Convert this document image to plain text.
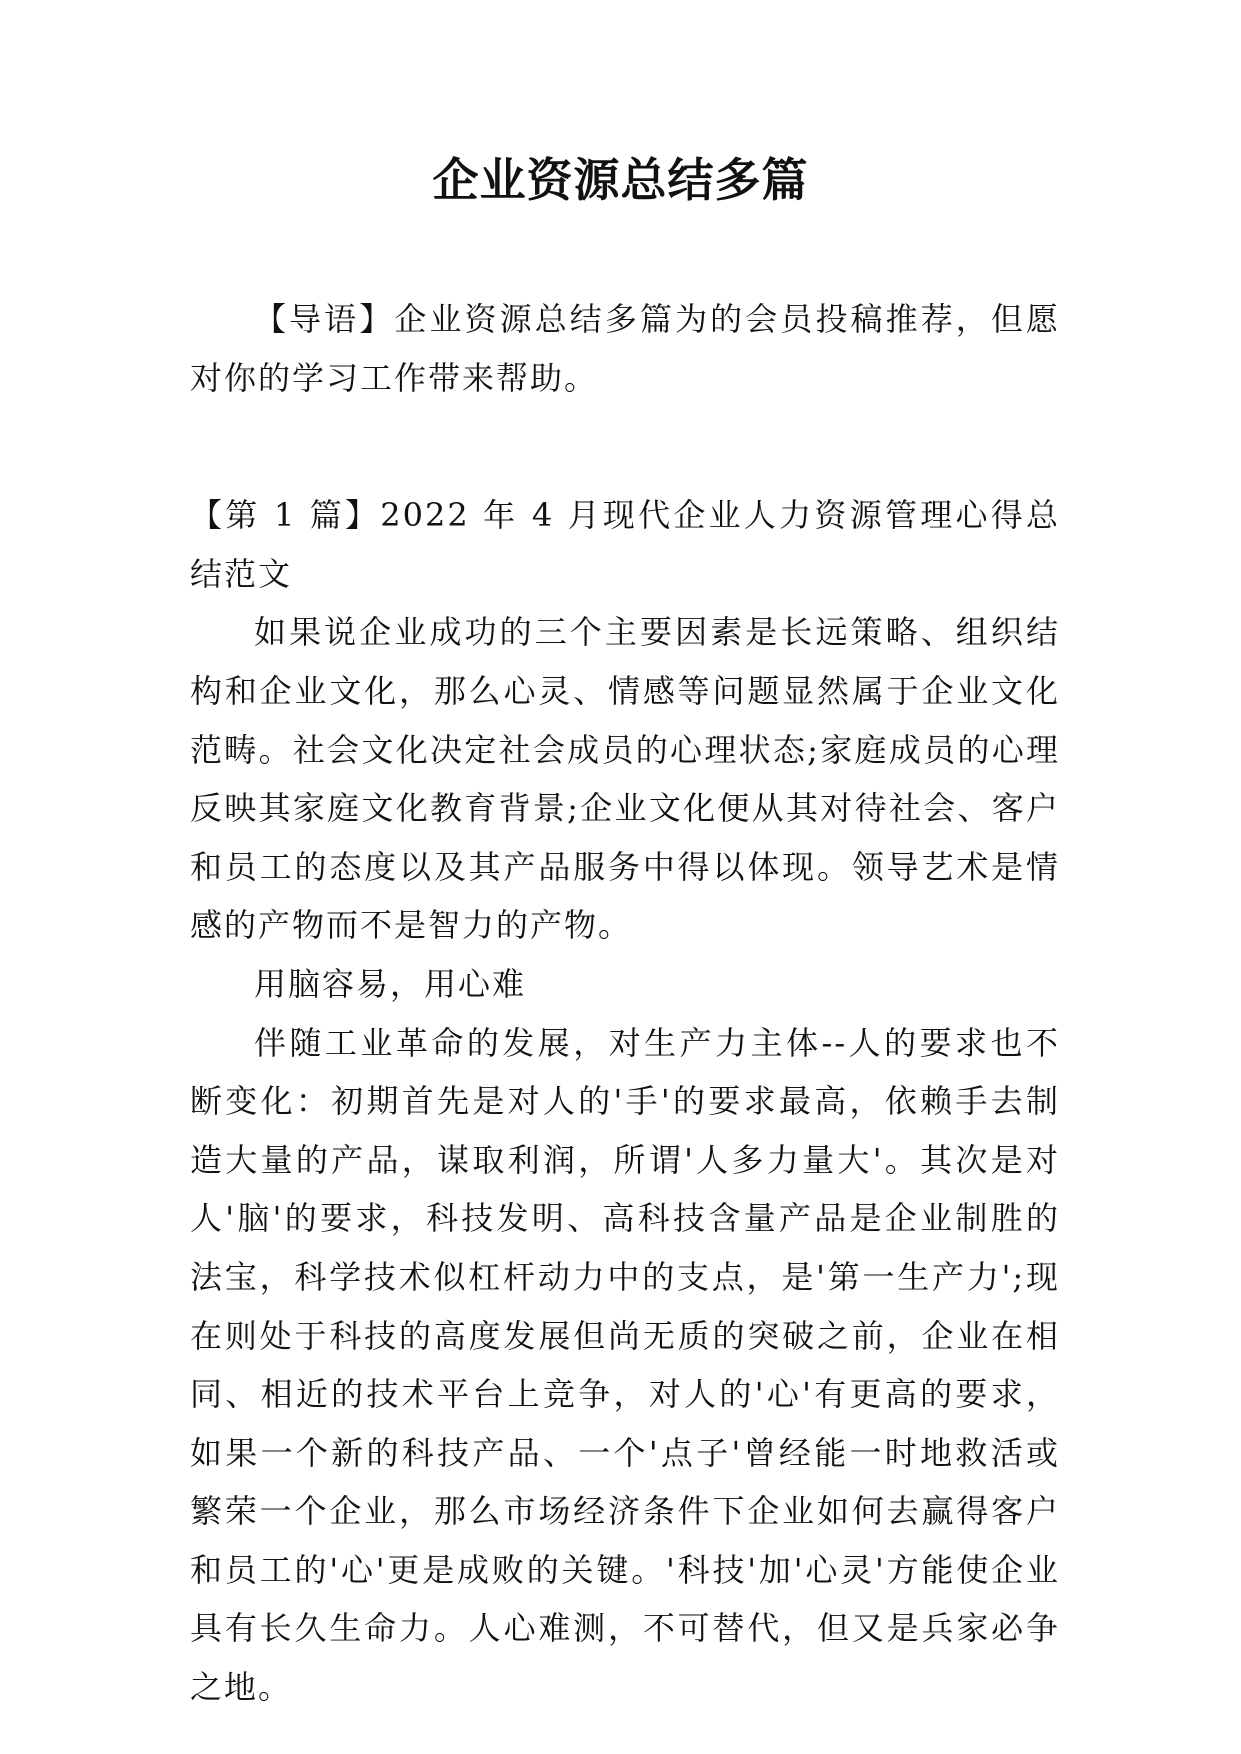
企业资源总结多篇

【导语】企业资源总结多篇为的会员投稿推荐，但愿对你的学习工作带来帮助。

【第 1 篇】2022 年 4 月现代企业人力资源管理心得总结范文

如果说企业成功的三个主要因素是长远策略、组织结构和企业文化，那么心灵、情感等问题显然属于企业文化范畴。社会文化决定社会成员的心理状态;家庭成员的心理反映其家庭文化教育背景;企业文化便从其对待社会、客户和员工的态度以及其产品服务中得以体现。领导艺术是情感的产物而不是智力的产物。

用脑容易，用心难

伴随工业革命的发展，对生产力主体--人的要求也不断变化：初期首先是对人的'手'的要求最高，依赖手去制造大量的产品，谋取利润，所谓'人多力量大'。其次是对人'脑'的要求，科技发明、高科技含量产品是企业制胜的法宝，科学技术似杠杆动力中的支点，是'第一生产力';现在则处于科技的高度发展但尚无质的突破之前，企业在相同、相近的技术平台上竞争，对人的'心'有更高的要求，如果一个新的科技产品、一个'点子'曾经能一时地救活或繁荣一个企业，那么市场经济条件下企业如何去赢得客户和员工的'心'更是成败的关键。'科技'加'心灵'方能使企业具有长久生命力。人心难测，不可替代，但又是兵家必争之地。
